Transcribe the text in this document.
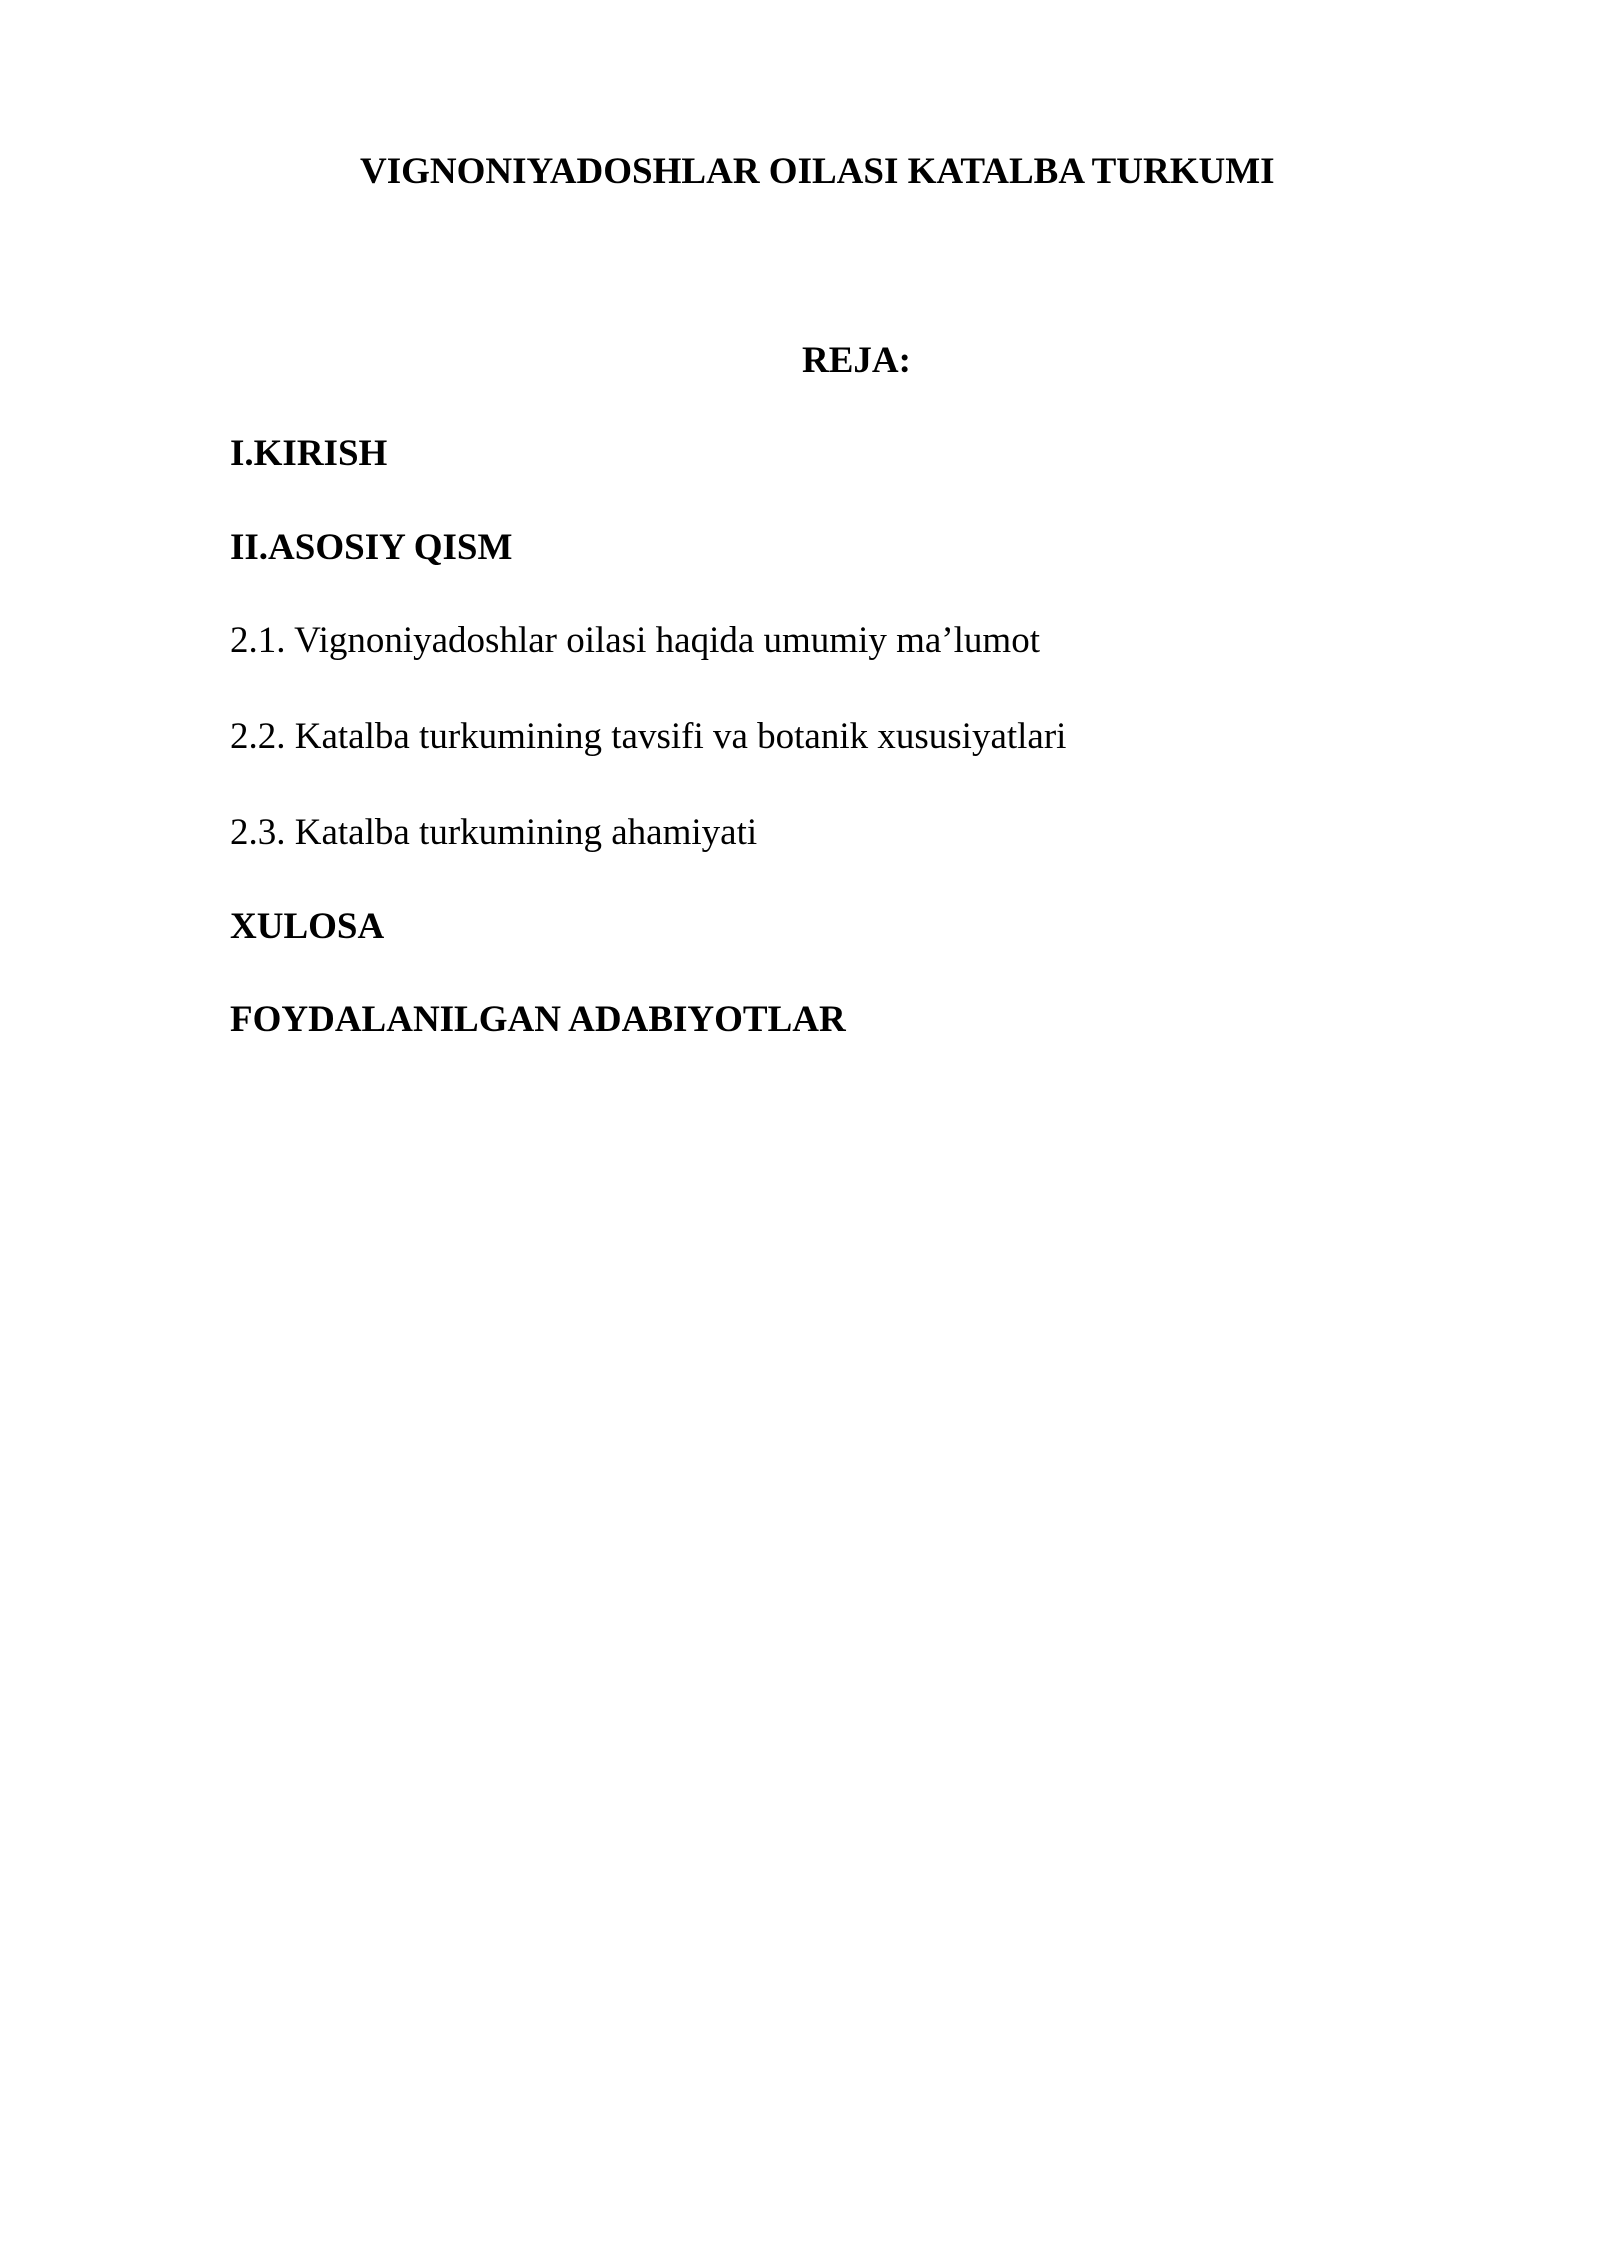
VIGNONIYADOSHLAR OILASI KATALBA TURKUMI
REJA:
I.KIRISH
II.ASOSIY QISM
2.1. Vignoniyadoshlar oilasi haqida umumiy ma’lumot
2.2. Katalba turkumining tavsifi va botanik xususiyatlari
2.3. Katalba turkumining ahamiyati
XULOSA
FOYDALANILGAN ADABIYOTLAR
